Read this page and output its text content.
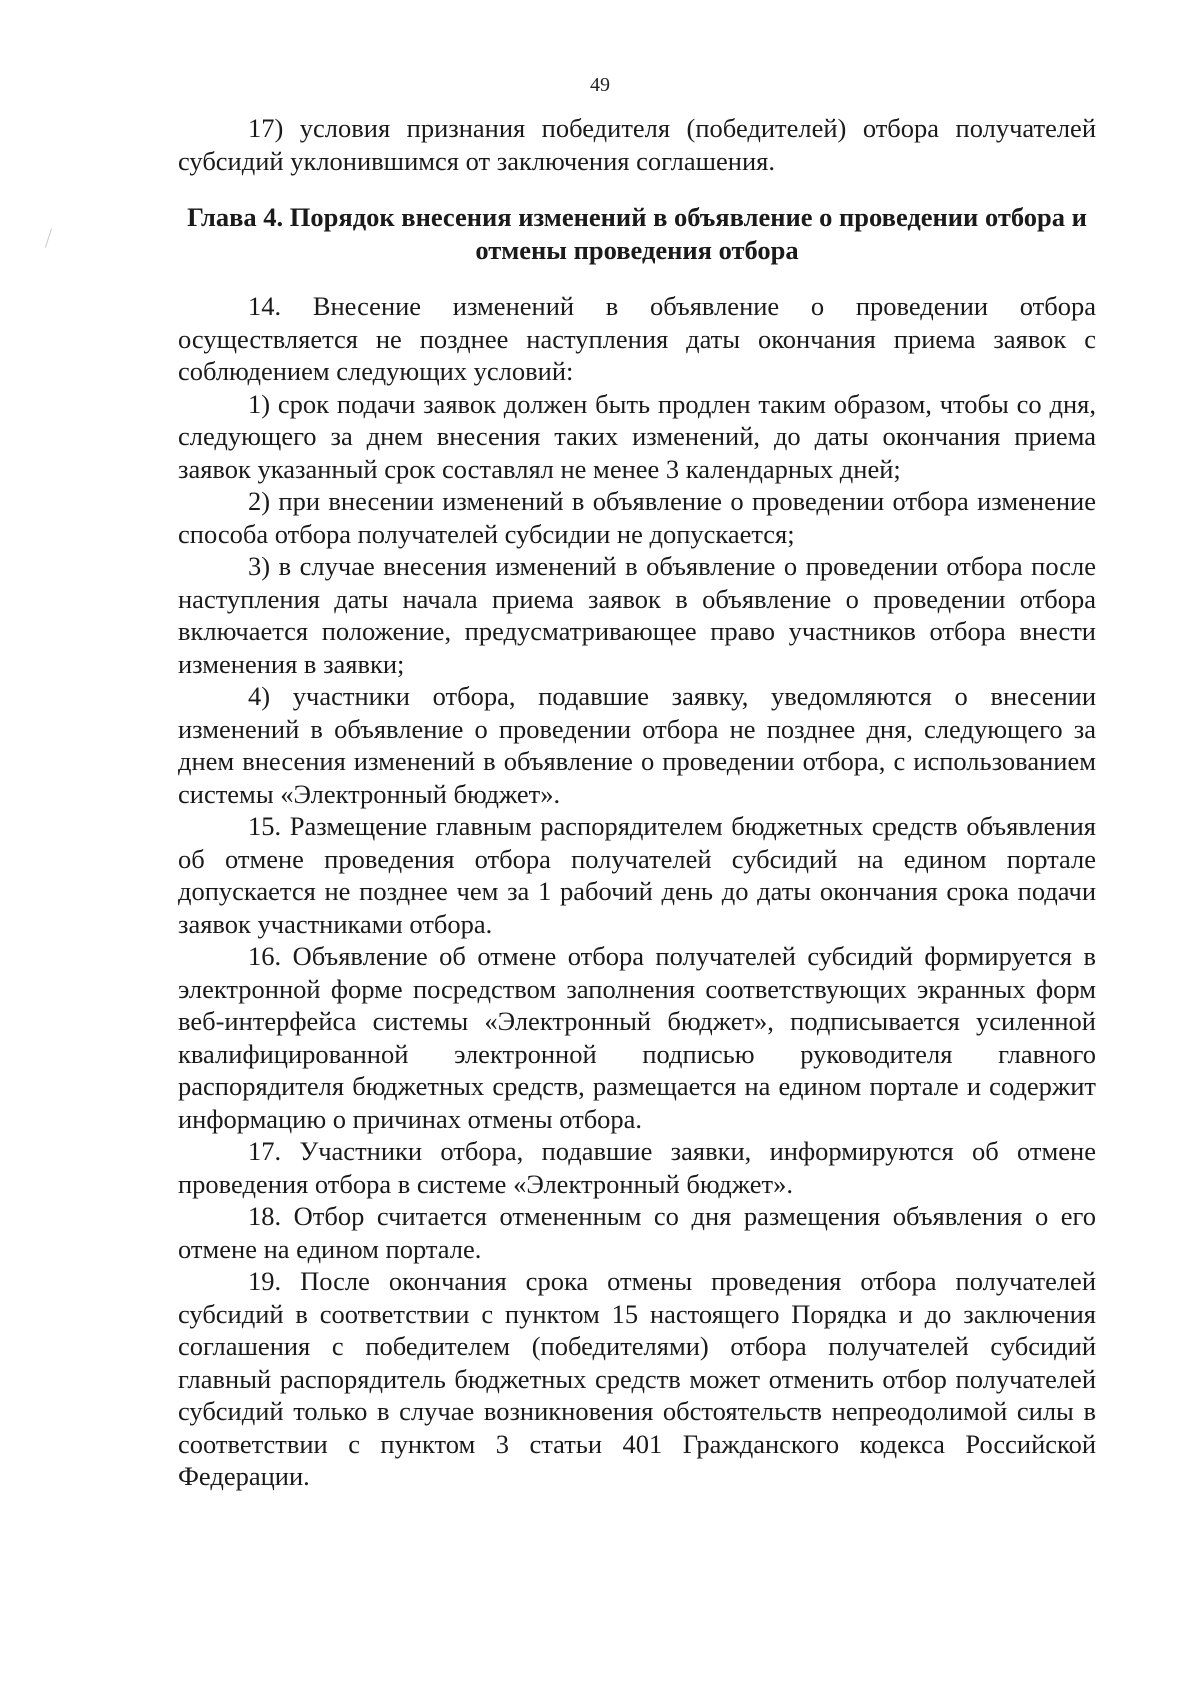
49

17) условия признания победителя (победителей) отбора получателей субсидий уклонившимся от заключения соглашения.

Глава 4. Порядок внесения изменений в объявление о проведении отбора и отмены проведения отбора

14. Внесение изменений в объявление о проведении отбора осуществляется не позднее наступления даты окончания приема заявок с соблюдением следующих условий:

1) срок подачи заявок должен быть продлен таким образом, чтобы со дня, следующего за днем внесения таких изменений, до даты окончания приема заявок указанный срок составлял не менее 3 календарных дней;

2) при внесении изменений в объявление о проведении отбора изменение способа отбора получателей субсидии не допускается;

3) в случае внесения изменений в объявление о проведении отбора после наступления даты начала приема заявок в объявление о проведении отбора включается положение, предусматривающее право участников отбора внести изменения в заявки;

4) участники отбора, подавшие заявку, уведомляются о внесении изменений в объявление о проведении отбора не позднее дня, следующего за днем внесения изменений в объявление о проведении отбора, с использованием системы «Электронный бюджет».

15. Размещение главным распорядителем бюджетных средств объявления об отмене проведения отбора получателей субсидий на едином портале допускается не позднее чем за 1 рабочий день до даты окончания срока подачи заявок участниками отбора.

16. Объявление об отмене отбора получателей субсидий формируется в электронной форме посредством заполнения соответствующих экранных форм веб-интерфейса системы «Электронный бюджет», подписывается усиленной квалифицированной электронной подписью руководителя главного распорядителя бюджетных средств, размещается на едином портале и содержит информацию о причинах отмены отбора.

17. Участники отбора, подавшие заявки, информируются об отмене проведения отбора в системе «Электронный бюджет».

18. Отбор считается отмененным со дня размещения объявления о его отмене на едином портале.

19. После окончания срока отмены проведения отбора получателей субсидий в соответствии с пунктом 15 настоящего Порядка и до заключения соглашения с победителем (победителями) отбора получателей субсидий главный распорядитель бюджетных средств может отменить отбор получателей субсидий только в случае возникновения обстоятельств непреодолимой силы в соответствии с пунктом 3 статьи 401 Гражданского кодекса Российской Федерации.
